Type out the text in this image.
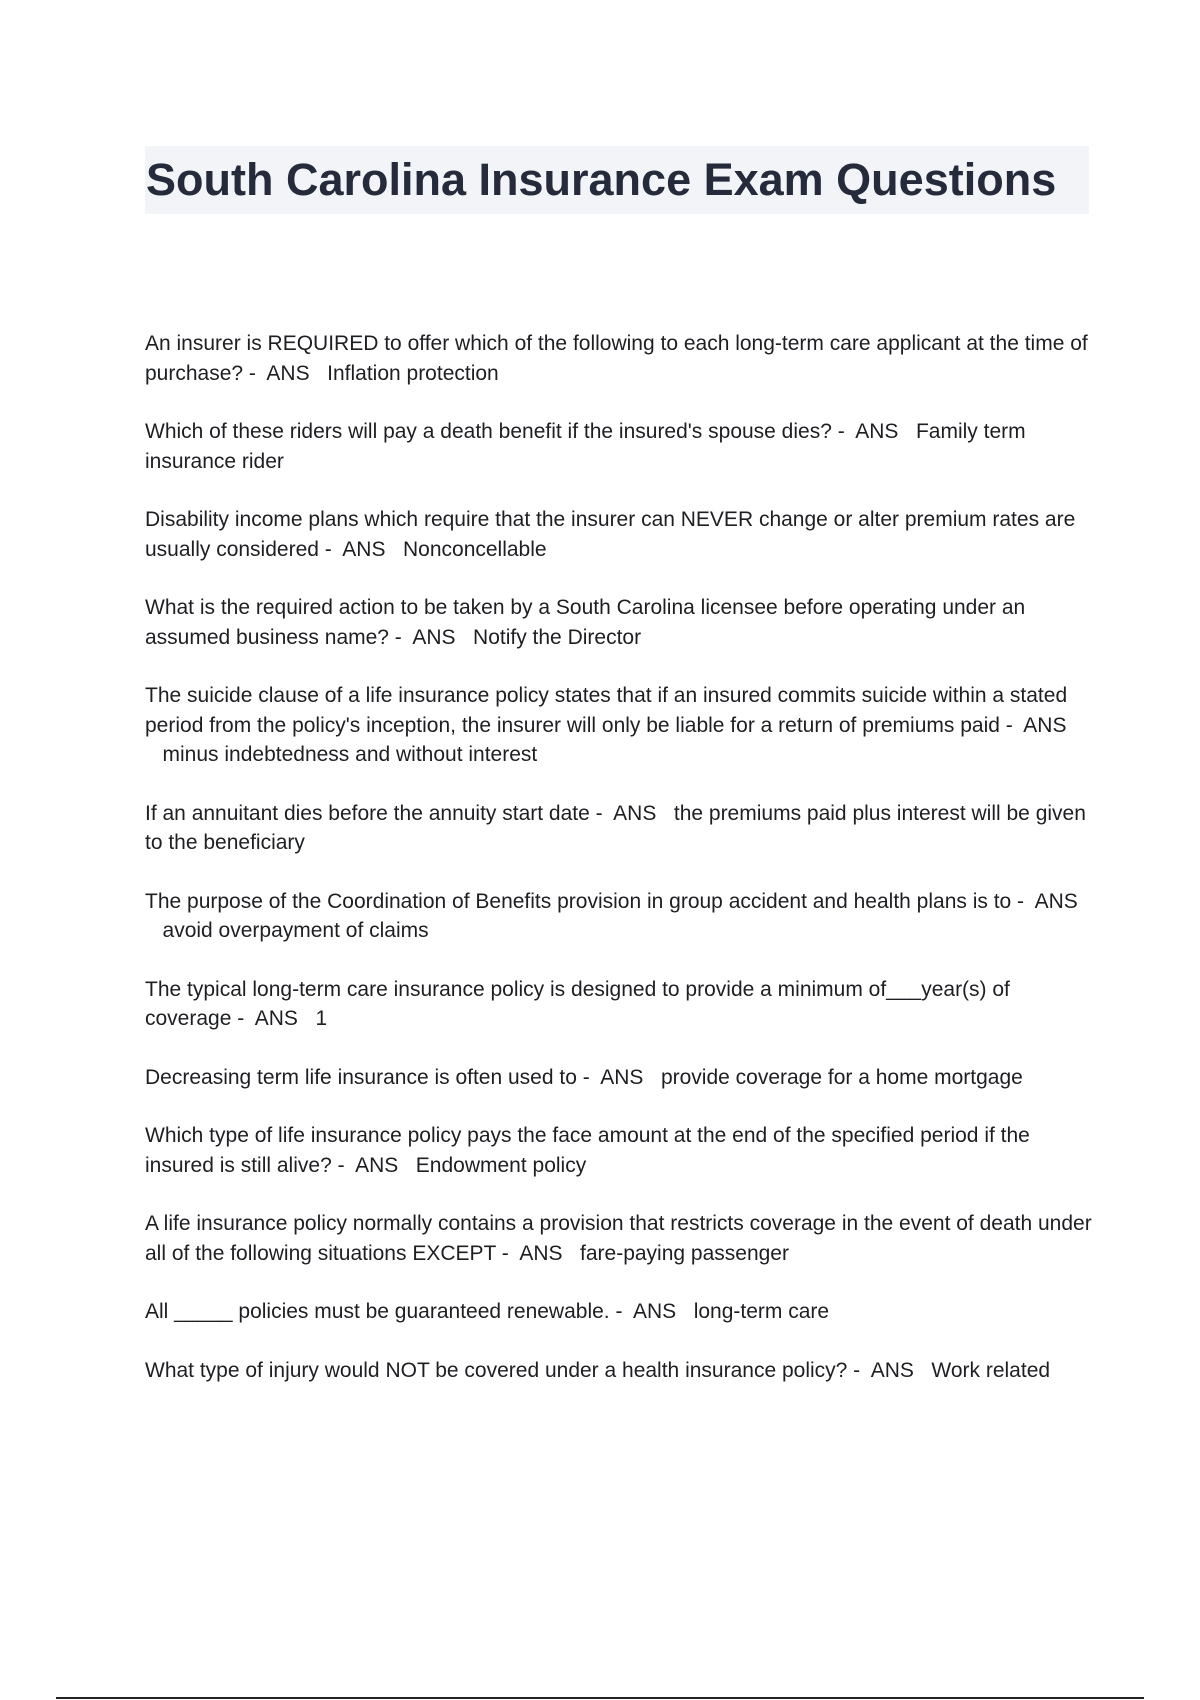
South Carolina Insurance Exam Questions

An insurer is REQUIRED to offer which of the following to each long-term care applicant at the time of purchase? - ANS Inflation protection

Which of these riders will pay a death benefit if the insured's spouse dies? - ANS Family term insurance rider

Disability income plans which require that the insurer can NEVER change or alter premium rates are usually considered - ANS Nonconcellable

What is the required action to be taken by a South Carolina licensee before operating under an assumed business name? - ANS Notify the Director

The suicide clause of a life insurance policy states that if an insured commits suicide within a stated period from the policy's inception, the insurer will only be liable for a return of premiums paid - ANS   minus indebtedness and without interest

If an annuitant dies before the annuity start date - ANS the premiums paid plus interest will be given to the beneficiary

The purpose of the Coordination of Benefits provision in group accident and health plans is to - ANS   avoid overpayment of claims

The typical long-term care insurance policy is designed to provide a minimum of___year(s) of coverage - ANS 1

Decreasing term life insurance is often used to - ANS provide coverage for a home mortgage

Which type of life insurance policy pays the face amount at the end of the specified period if the insured is still alive? - ANS Endowment policy

A life insurance policy normally contains a provision that restricts coverage in the event of death under all of the following situations EXCEPT - ANS fare-paying passenger

All _____ policies must be guaranteed renewable. - ANS long-term care

What type of injury would NOT be covered under a health insurance policy? - ANS Work related
